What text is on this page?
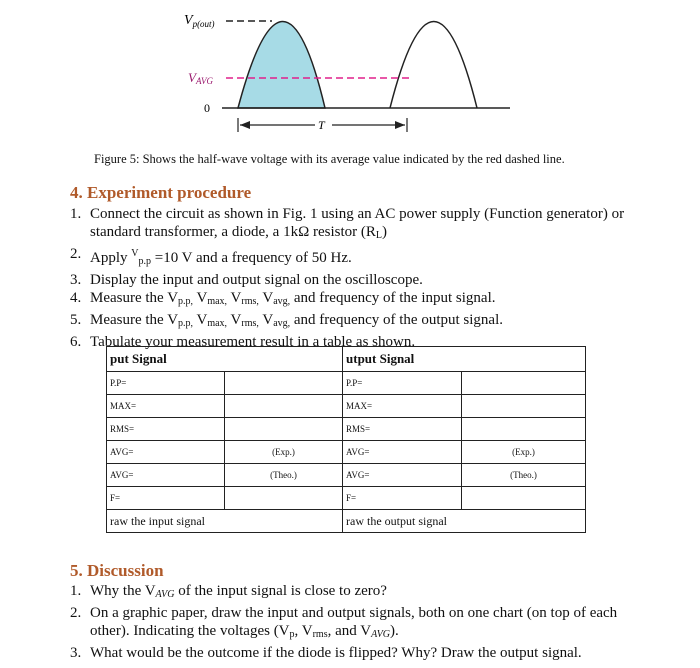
$V_{p(out)}$
VAVG
0
T
Figure 5: Shows the half-wave voltage with its average value indicated by the red dashed line.
4. Experiment procedure
1. Connect the circuit as shown in Fig. 1 using an AC power supply (Function generator) or standard transformer, a diode, a 1kΩ resistor $(R_L)$
2. Apply $^V_{p.p}$ =10 V and a frequency of 50 Hz.
3. Display the input and output signal on the oscilloscope.
4. Measure the $V_{p.p,}$ $V_{max,}$ $V_{rms,}$ $V_{avg,}$ and frequency of the input signal.
5. Measure the $V_{p.p,}$ $V_{max,}$ $V_{rms,}$ $V_{avg,}$ and frequency of the output signal.
6. Tabulate your measurement result in a table as shown.
put Signal		utput Signal	
P.P=		P.P=	
MAX=		MAX=	
RMS=		RMS=	
AVG=	(Exp.)	AVG=	(Exp.)
AVG=	(Theo.)	AVG=	(Theo.)
F=		F=	
raw the input signal		raw the output signal	
5. Discussion
1. Why the $V_{AVG}$ of the input signal is close to zero?
2. On a graphic paper, draw the input and output signals, both on one chart (on top of each other). Indicating the voltages ($V_p$, $V_{rms}$, and $V_{AVG}$).
3. What would be the outcome if the diode is flipped? Why? Draw the output signal.
